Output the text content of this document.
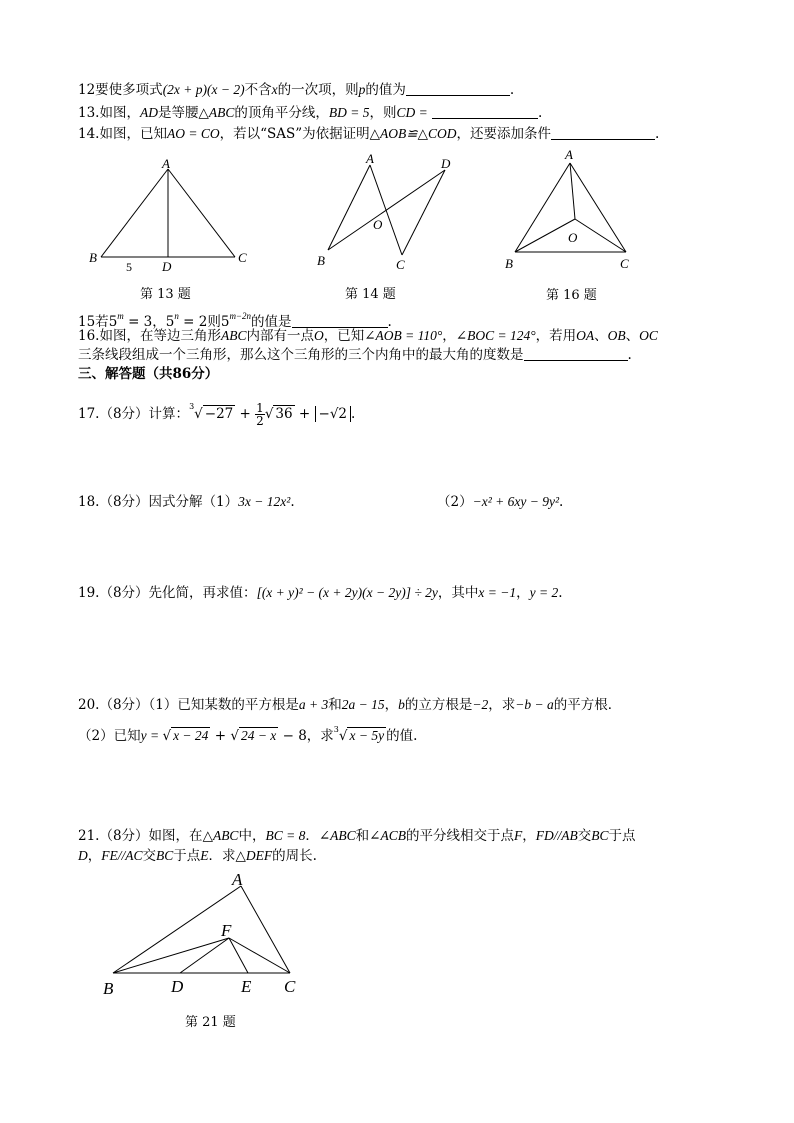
12要使多项式(2x + p)(x − 2)不含x的一次项，则p的值为	.
13.如图，AD是等腰△ABC的顶角平分线，BD = 5，则CD =	.
14.如图，已知AO = CO，若以“SAS”为依据证明△AOB≌△COD，还要添加条件	.
A
B	C
D
5
第 13 题
A	D
O
B	C
第 14 题
A
O
B	C
第 16 题
15若$5^m = 3$，$5^n = 2$则$5^{m-2n}$的值是	.
16.如图，在等边三角形ABC内部有一点O，已知∠AOB = 110°，∠BOC = 124°，若用OA、OB、OC
三条线段组成一个三角形，那么这个三角形的三个内角中的最大角的度数是	.
三、解答题（共86分）
17.（8分）计算：$^3√ -27 + \frac{1}{2}$ √ 36 + −√2 .
18.（8分）因式分解（1）3x − 12x².	（2）−x² + 6xy − 9y².
19.（8分）先化简，再求值：[(x + y)² − (x + 2y)(x − 2y)] ÷ 2y，其中x = −1，y = 2.
20.（8分）（1）已知某数的平方根是a + 3和2a − 15，b的立方根是−2，求−b − a的平方根．
（2）已知y = √ x − 24 + √ 24 − x − 8，求$^3$√ x − 5y 的值.
21.（8分）如图，在△ABC中，BC = 8．∠ABC和∠ACB的平分线相交于点F，FD//AB交BC于点
D，FE//AC交BC于点E．求△DEF的周长.
A
F
B	D	E C
第 21 题
